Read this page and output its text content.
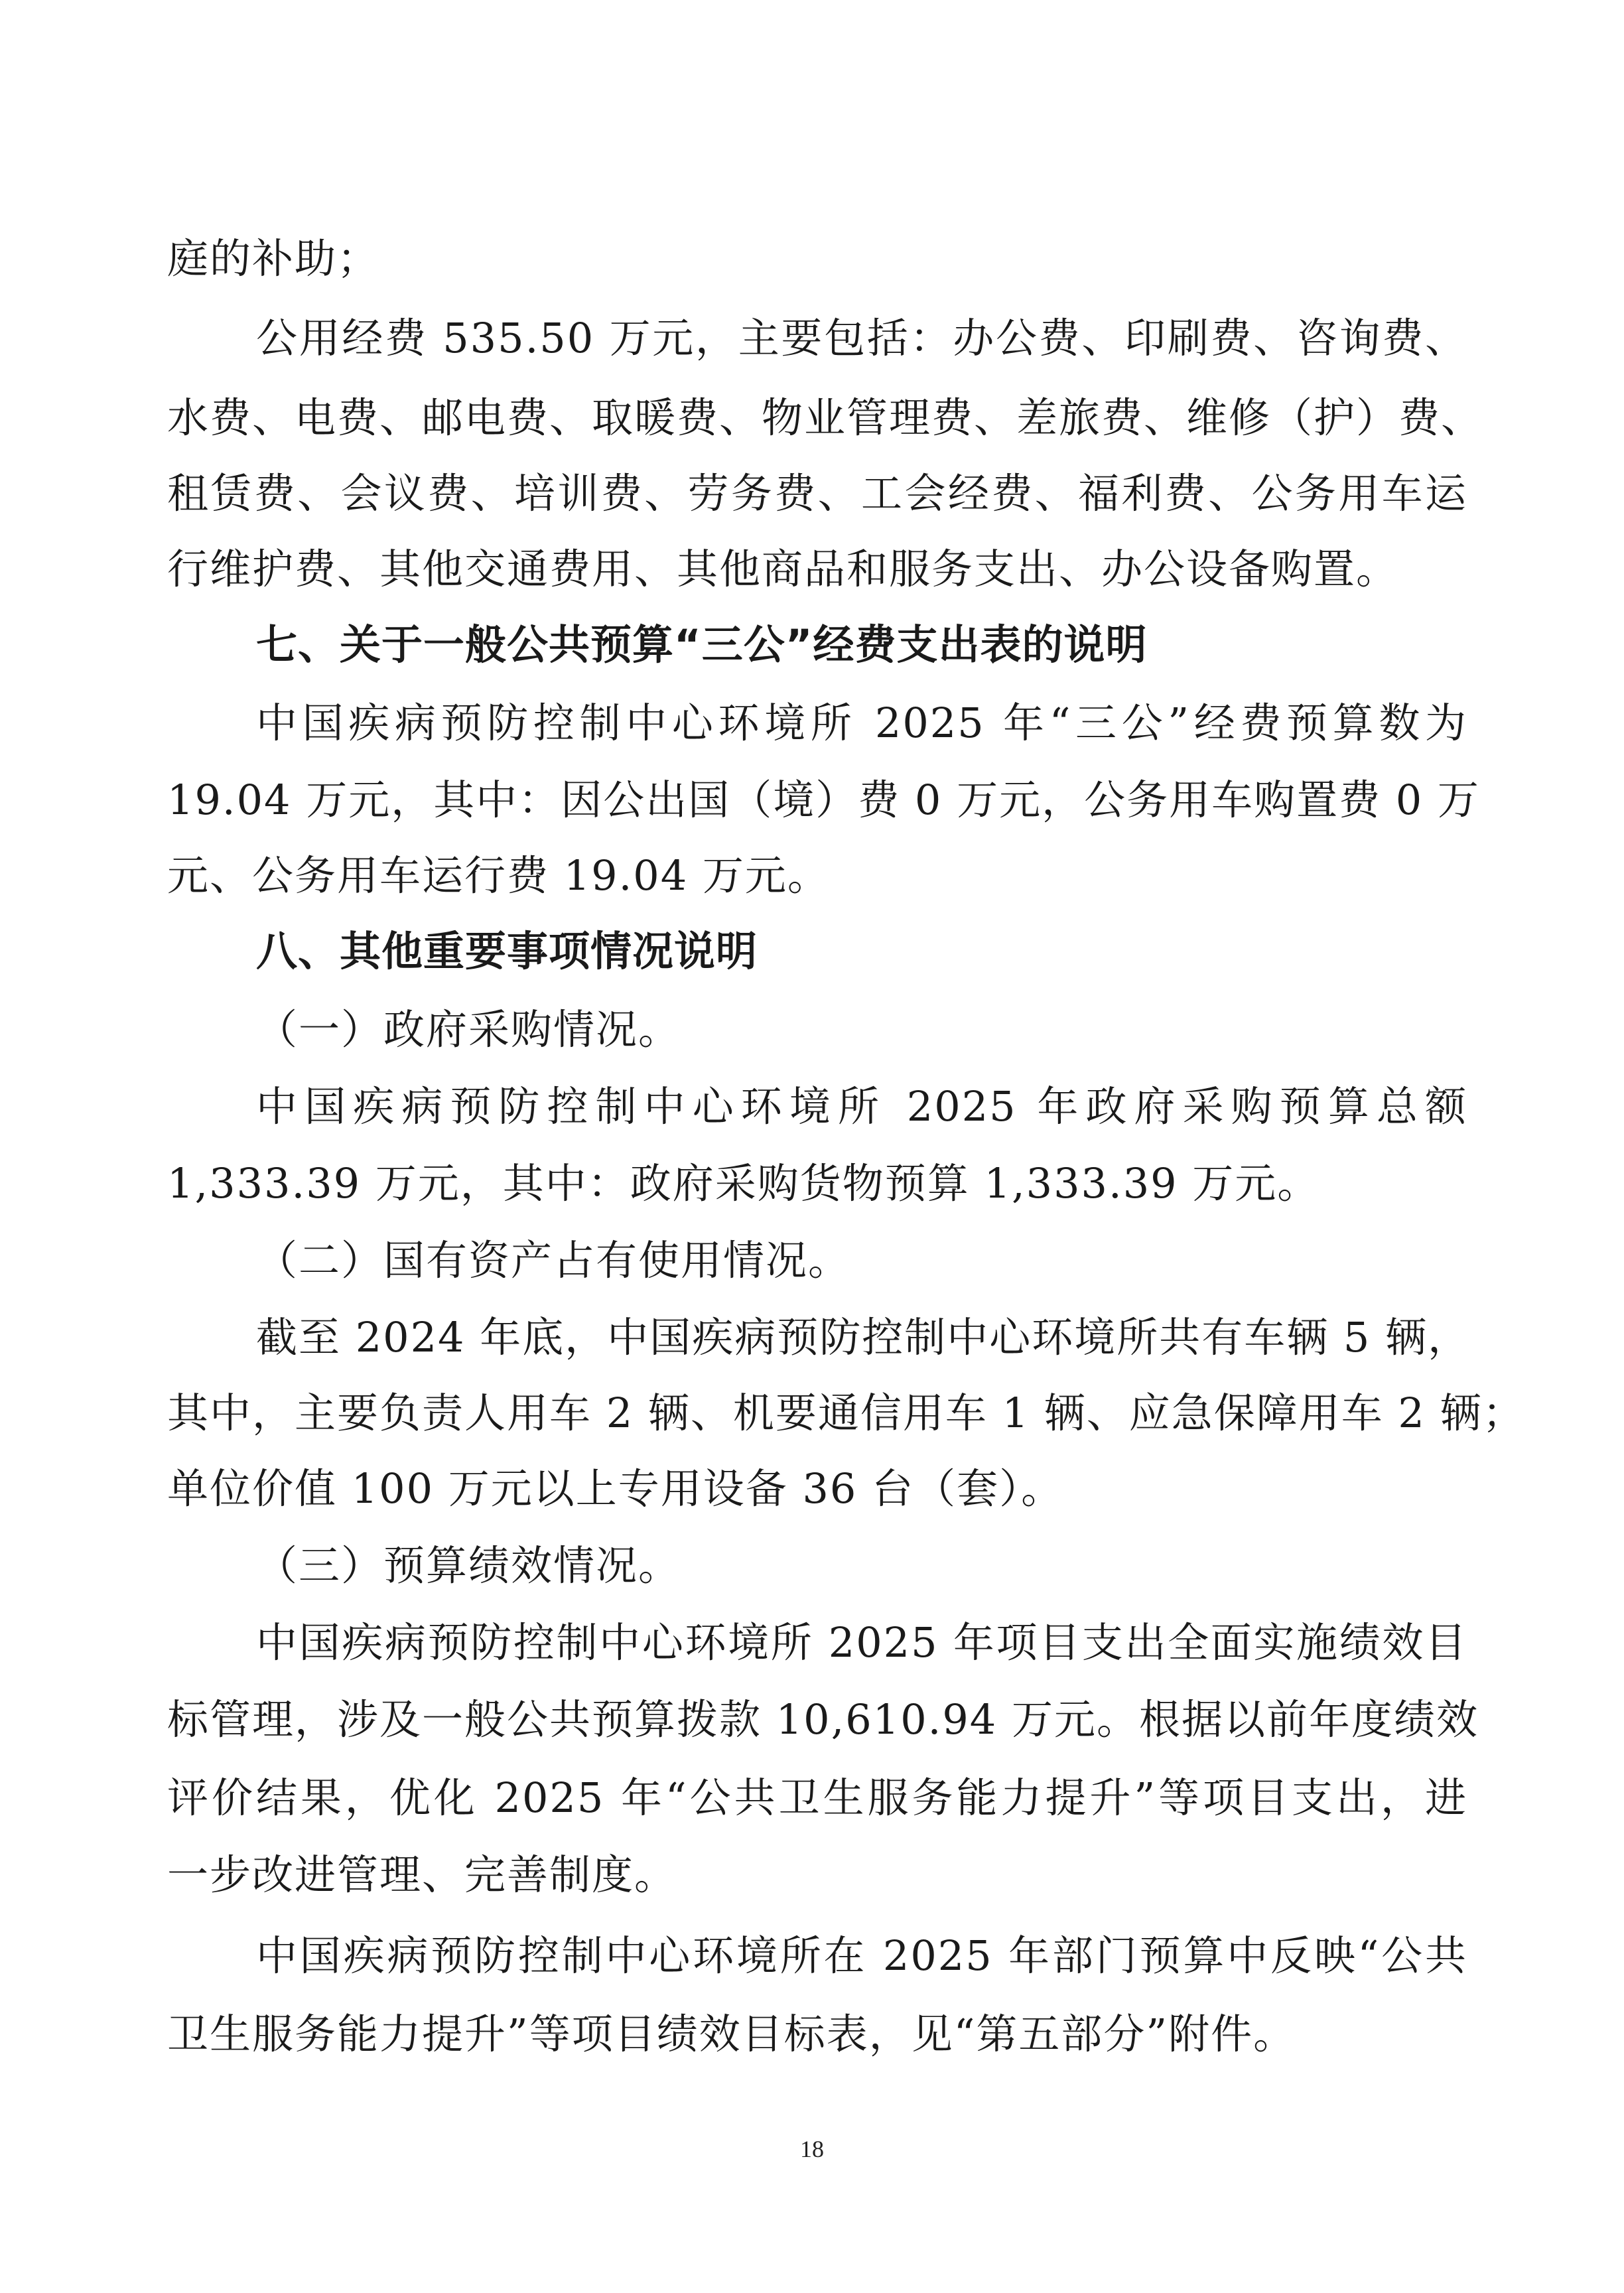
庭的补助；

公用经费 535.50 万元，主要包括：办公费、印刷费、咨询费、

水费、电费、邮电费、取暖费、物业管理费、差旅费、维修（护）费、

租赁费、会议费、培训费、劳务费、工会经费、福利费、公务用车运

行维护费、其他交通费用、其他商品和服务支出、办公设备购置。

七、关于一般公共预算“三公”经费支出表的说明

中国疾病预防控制中心环境所 2025 年“三公”经费预算数为

19.04 万元，其中：因公出国（境）费 0 万元，公务用车购置费 0 万

元、公务用车运行费 19.04 万元。

八、其他重要事项情况说明

（一）政府采购情况。

中国疾病预防控制中心环境所 2025 年政府采购预算总额

1,333.39 万元，其中：政府采购货物预算 1,333.39 万元。

（二）国有资产占有使用情况。

截至 2024 年底，中国疾病预防控制中心环境所共有车辆 5 辆，

其中，主要负责人用车 2 辆、机要通信用车 1 辆、应急保障用车 2 辆；

单位价值 100 万元以上专用设备 36 台（套）。

（三）预算绩效情况。

中国疾病预防控制中心环境所 2025 年项目支出全面实施绩效目

标管理，涉及一般公共预算拨款 10,610.94 万元。根据以前年度绩效

评价结果，优化 2025 年“公共卫生服务能力提升”等项目支出，进

一步改进管理、完善制度。

中国疾病预防控制中心环境所在 2025 年部门预算中反映“公共

卫生服务能力提升”等项目绩效目标表，见“第五部分”附件。

18
